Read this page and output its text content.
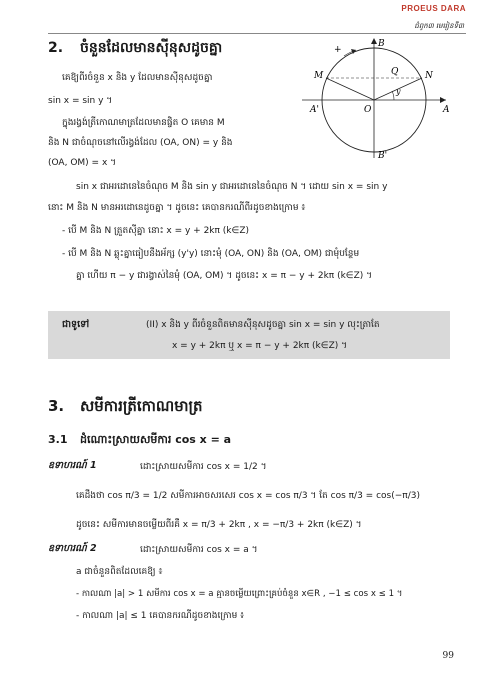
PROEUS DARA
ជំពូក៣ មេរៀនទី៣
2. ចំនួនដែលមានស៊ីនុសដូចគ្នា
គេឱ្យពីរចំនួន x និង y ដែលមានស៊ីនុសដូចគ្នា
sin x = sin y ។
ក្នុងរង្វង់ត្រីកោណមាត្រដែលមានផ្ចិត O គេមាន M
និង N ជាចំណុចនៅលើរង្វង់ដែល (OA, ON) = y និង
(OA, OM) = x ។
sin x ជាអរដោនេនៃចំណុច M និង sin y ជាអរដោនេនៃចំណុច N ។ ដោយ sin x = sin y
នោះ M និង N មានអរដោនេដូចគ្នា ។ ដូចនេះ គេបានករណីពីរដូចខាងក្រោម ៖
- បើ M និង N ត្រួតស៊ីគ្នា នោះ x = y + 2kπ (k∈Z)
- បើ M និង N ឆ្លុះគ្នាធៀបនឹងអ័ក្ស (y'y) នោះមុំ (OA, ON) និង (OA, OM) ជាមុំបន្ថែម
គ្នា ហើយ π − y ជារង្វាស់នៃមុំ (OA, OM) ។ ដូចនេះ x = π − y + 2kπ (k∈Z) ។
B
B'
A
A'	O
M	N
Q
y
+
ជាទូទៅ	(II) x និង y ពីរចំនួនពិតមានស៊ីនុសដូចគ្នា sin x = sin y លុះត្រាតែ
x = y + 2kπ ឬ x = π − y + 2kπ (k∈Z) ។
3. សមីការត្រីកោណមាត្រ
3.1 ដំណោះស្រាយសមីការ cos x = a
ឧទាហរណ៍ 1	ដោះស្រាយសមីការ cos x = 1/2 ។
គេដឹងថា cos π/3 = 1/2 សមីការអាចសរសេរ cos x = cos π/3 ។ តែ cos π/3 = cos(−π/3)
ដូចនេះ សមីការមានចម្លើយពីរគឺ x = π/3 + 2kπ , x = −π/3 + 2kπ (k∈Z) ។
ឧទាហរណ៍ 2	ដោះស្រាយសមីការ cos x = a ។
a ជាចំនួនពិតដែលគេឱ្យ ៖
- កាលណា |a| > 1 សមីការ cos x = a គ្មានចម្លើយព្រោះគ្រប់ចំនួន x∈R , −1 ≤ cos x ≤ 1 ។
- កាលណា |a| ≤ 1 គេបានករណីដូចខាងក្រោម ៖
99
